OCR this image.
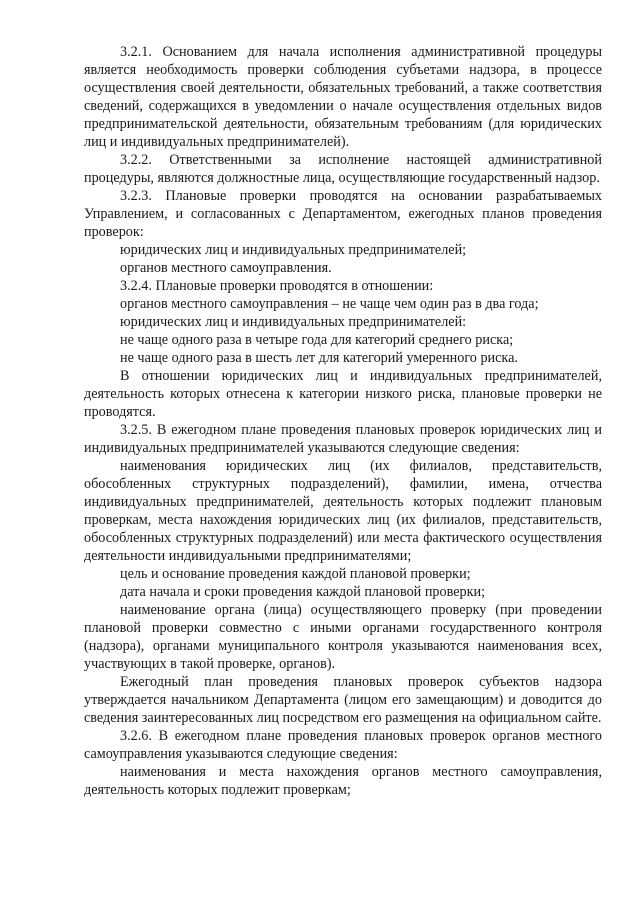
3.2.1. Основанием для начала исполнения административной процедуры является необходимость проверки соблюдения субъетами надзора, в процессе осуществления своей деятельности, обязательных требований, а также соответствия сведений, содержащихся в уведомлении о начале осуществления отдельных видов предпринимательской деятельности, обязательным требованиям (для юридических лиц и индивидуальных предпринимателей).

3.2.2. Ответственными за исполнение настоящей административной процедуры, являются должностные лица, осуществляющие государственный надзор.

3.2.3. Плановые проверки проводятся на основании разрабатываемых Управлением, и согласованных с Департаментом, ежегодных планов проведения проверок:

юридических лиц и индивидуальных предпринимателей;

органов местного самоуправления.

3.2.4. Плановые проверки проводятся в отношении:

органов местного самоуправления – не чаще чем один раз в два года;

юридических лиц и индивидуальных предпринимателей:

не чаще одного раза в четыре года для категорий среднего риска;

не чаще одного раза в шесть лет для категорий умеренного риска.

В отношении юридических лиц и индивидуальных предпринимателей, деятельность которых отнесена к категории низкого риска, плановые проверки не проводятся.

3.2.5. В ежегодном плане проведения плановых проверок юридических лиц и индивидуальных предпринимателей указываются следующие сведения:

наименования юридических лиц (их филиалов, представительств, обособленных структурных подразделений), фамилии, имена, отчества индивидуальных предпринимателей, деятельность которых подлежит плановым проверкам, места нахождения юридических лиц (их филиалов, представительств, обособленных структурных подразделений) или места фактического осуществления деятельности индивидуальными предпринимателями;

цель и основание проведения каждой плановой проверки;

дата начала и сроки проведения каждой плановой проверки;

наименование органа (лица) осуществляющего проверку (при проведении плановой проверки совместно с иными органами государственного контроля (надзора), органами муниципального контроля указываются наименования всех, участвующих в такой проверке, органов).

Ежегодный план проведения плановых проверок субъектов надзора утверждается начальником Департамента (лицом его замещающим) и доводится до сведения заинтересованных лиц посредством его размещения на официальном сайте.

3.2.6. В ежегодном плане проведения плановых проверок органов местного самоуправления указываются следующие сведения:

наименования и места нахождения органов местного самоуправления, деятельность которых подлежит проверкам;
